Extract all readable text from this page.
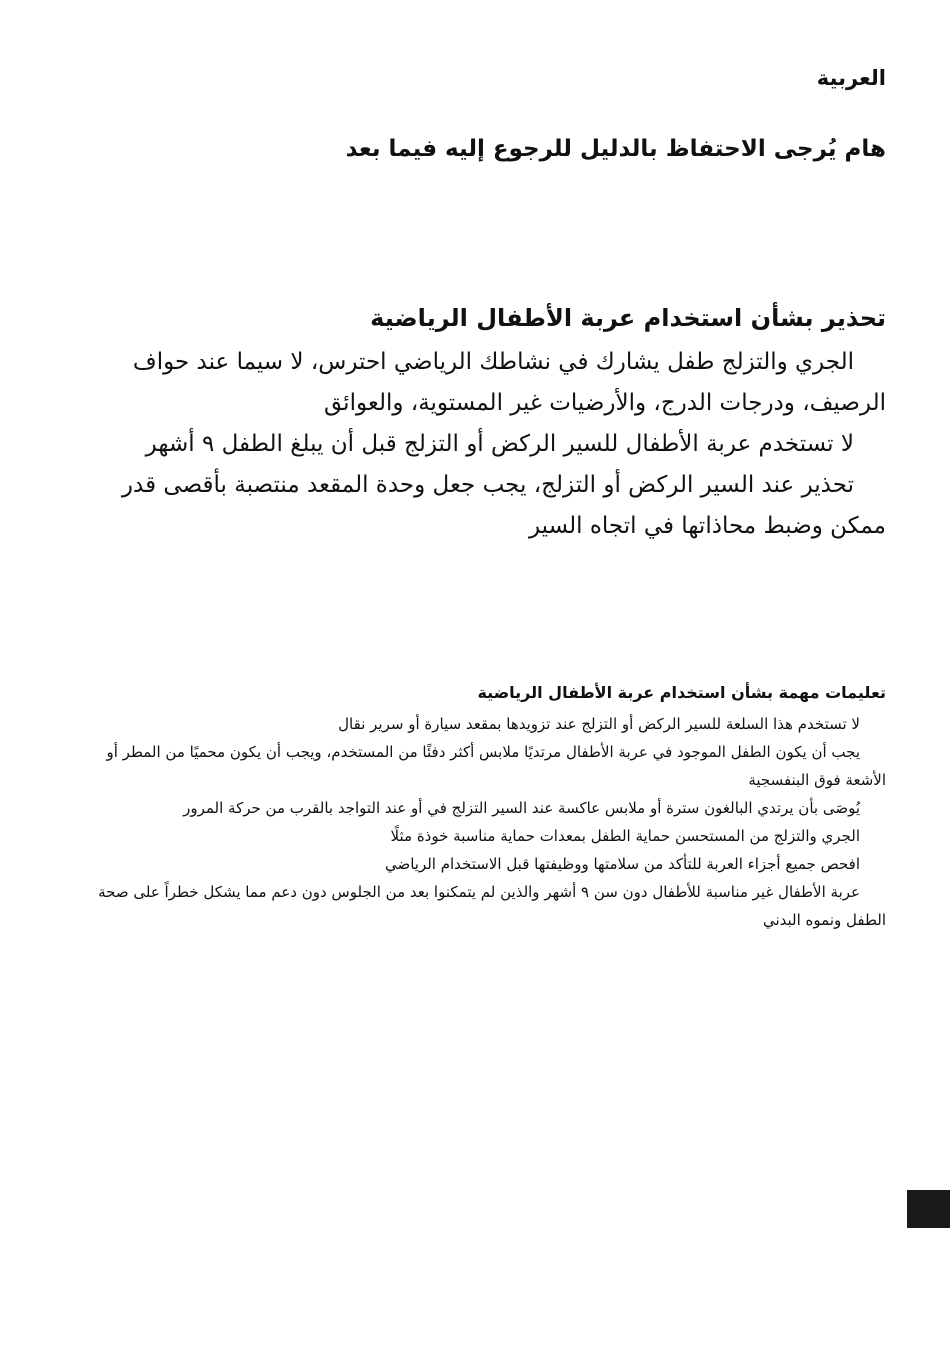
العربية

هام يُرجى الاحتفاظ بالدليل للرجوع إليه فيما بعد

تحذير بشأن استخدام عربة الأطفال الرياضية

الجري والتزلج طفل يشارك في نشاطك الرياضي احترس، لا سيما عند حواف الرصيف، ودرجات الدرج، والأرضيات غير المستوية، والعوائق

لا تستخدم عربة الأطفال للسير الركض أو التزلج قبل أن يبلغ الطفل ٩ أشهر

تحذير عند السير الركض أو التزلج، يجب جعل وحدة المقعد منتصبة بأقصى قدر ممكن وضبط محاذاتها في اتجاه السير

تعليمات مهمة بشأن استخدام عربة الأطفال الرياضية

لا تستخدم هذا السلعة للسير الركض أو التزلج عند تزويدها بمقعد سيارة أو سرير نقال

يجب أن يكون الطفل الموجود في عربة الأطفال مرتديًا ملابس أكثر دفئًا من المستخدم، ويجب أن يكون محميًا من المطر أو الأشعة فوق البنفسجية

يُوصَى بأن يرتدي البالغون سترة أو ملابس عاكسة عند السير التزلج في أو عند التواجد بالقرب من حركة المرور

الجري والتزلج من المستحسن حماية الطفل بمعدات حماية مناسبة خوذة مثلًا

افحص جميع أجزاء العربة للتأكد من سلامتها ووظيفتها قبل الاستخدام الرياضي

عربة الأطفال غير مناسبة للأطفال دون سن ٩ أشهر والذين لم يتمكنوا بعد من الجلوس دون دعم مما يشكل خطراً على صحة الطفل ونموه البدني
